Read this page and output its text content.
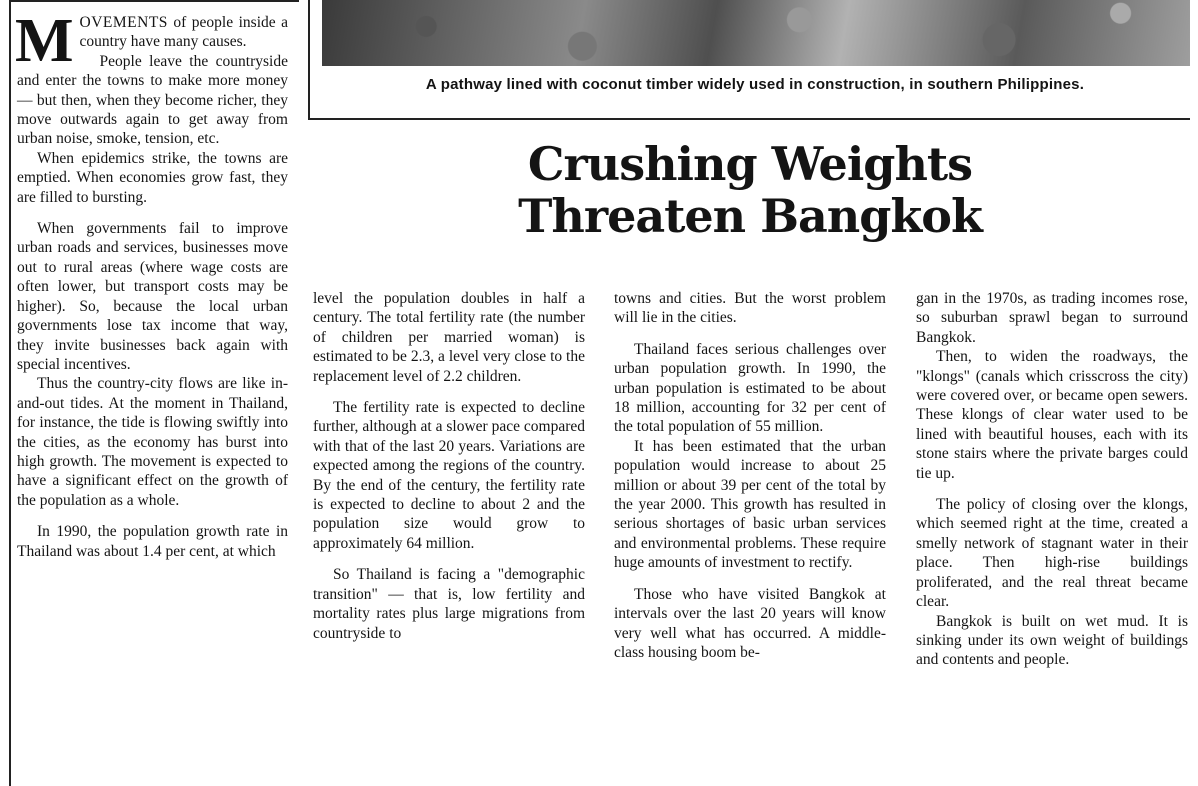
MOVEMENTS of people inside a country have many causes.

People leave the countryside and enter the towns to make more money — but then, when they become richer, they move outwards again to get away from urban noise, smoke, tension, etc.

When epidemics strike, the towns are emptied. When economies grow fast, they are filled to bursting.

When governments fail to improve urban roads and services, businesses move out to rural areas (where wage costs are often lower, but transport costs may be higher). So, because the local urban governments lose tax income that way, they invite businesses back again with special incentives.

Thus the country-city flows are like in-and-out tides. At the moment in Thailand, for instance, the tide is flowing swiftly into the cities, as the economy has burst into high growth. The movement is expected to have a significant effect on the growth of the population as a whole.

In 1990, the population growth rate in Thailand was about 1.4 per cent, at which

A pathway lined with coconut timber widely used in construction, in southern Philippines.
Crushing Weights
Threaten Bangkok

level the population doubles in half a century. The total fertility rate (the number of children per married woman) is estimated to be 2.3, a level very close to the replacement level of 2.2 children.

The fertility rate is expected to decline further, although at a slower pace compared with that of the last 20 years. Variations are expected among the regions of the country. By the end of the century, the fertility rate is expected to decline to about 2 and the population size would grow to approximately 64 million.

So Thailand is facing a "demographic transition" — that is, low fertility and mortality rates plus large migrations from countryside to

towns and cities. But the worst problem will lie in the cities.

Thailand faces serious challenges over urban population growth. In 1990, the urban population is estimated to be about 18 million, accounting for 32 per cent of the total population of 55 million.

It has been estimated that the urban population would increase to about 25 million or about 39 per cent of the total by the year 2000. This growth has resulted in serious shortages of basic urban services and environmental problems. These require huge amounts of investment to rectify.

Those who have visited Bangkok at intervals over the last 20 years will know very well what has occurred. A middle-class housing boom be-

gan in the 1970s, as trading incomes rose, so suburban sprawl began to surround Bangkok.

Then, to widen the roadways, the "klongs" (canals which crisscross the city) were covered over, or became open sewers. These klongs of clear water used to be lined with beautiful houses, each with its stone stairs where the private barges could tie up.

The policy of closing over the klongs, which seemed right at the time, created a smelly network of stagnant water in their place. Then high-rise buildings proliferated, and the real threat became clear.

Bangkok is built on wet mud. It is sinking under its own weight of buildings and contents and people.
